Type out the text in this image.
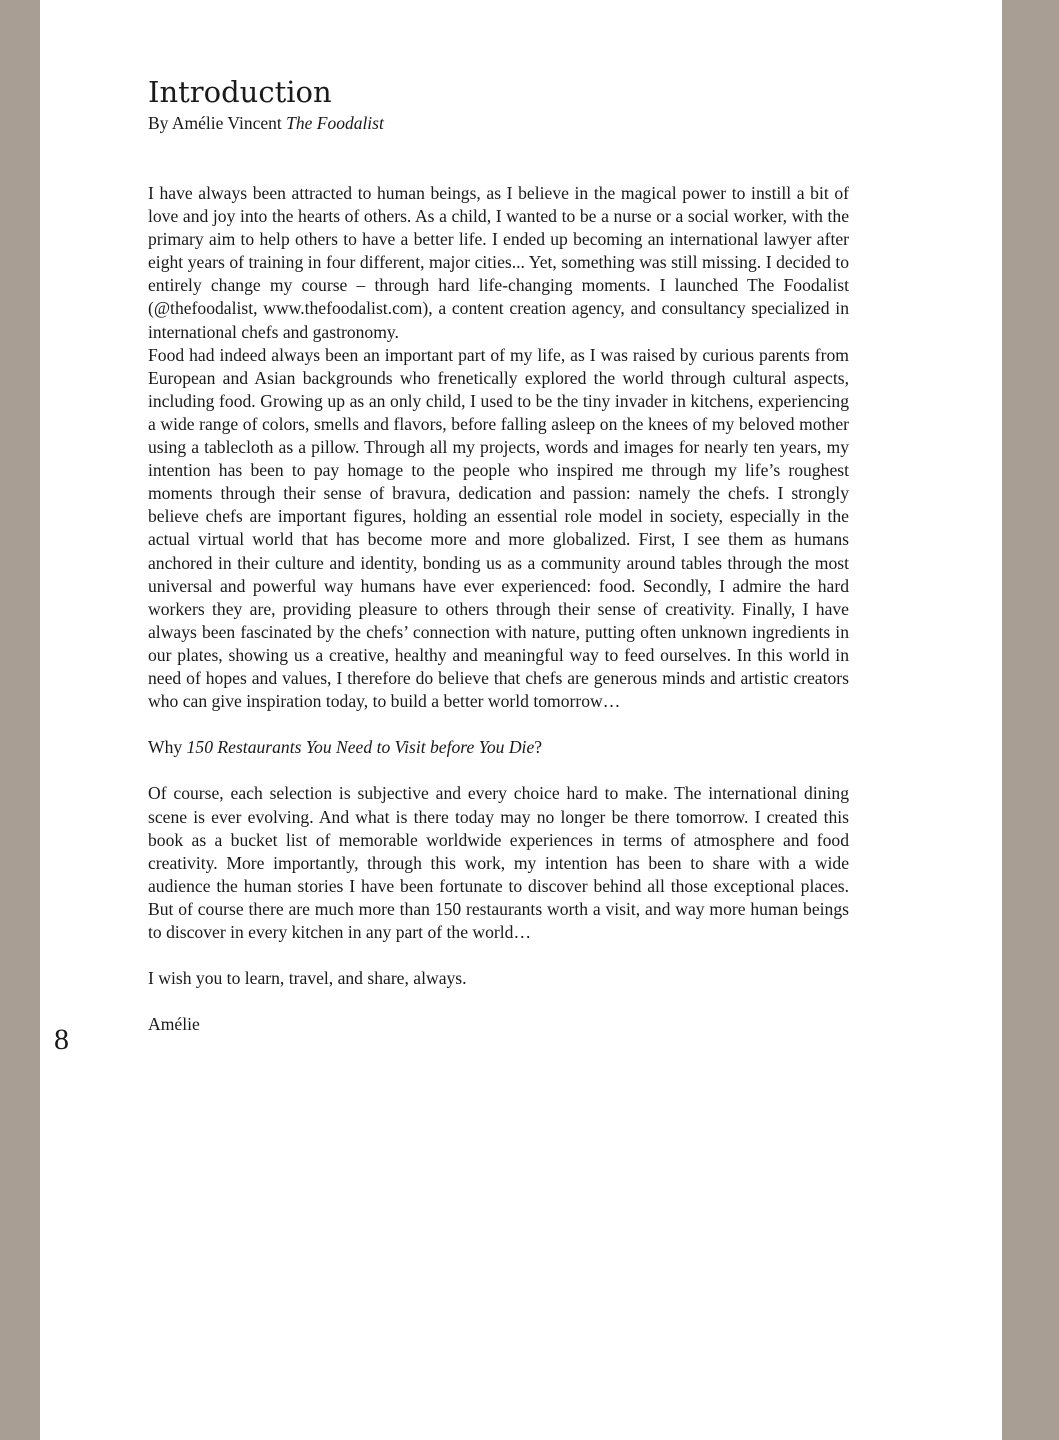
Introduction

By Amélie Vincent The Foodalist

I have always been attracted to human beings, as I believe in the magical power to instill a bit of love and joy into the hearts of others. As a child, I wanted to be a nurse or a social worker, with the primary aim to help others to have a better life. I ended up becoming an international lawyer after eight years of training in four different, major cities... Yet, something was still missing. I decided to entirely change my course – through hard life-changing moments. I launched The Foodalist (@thefoodalist, www.thefoodalist.com), a content creation agency, and consultancy specialized in international chefs and gastronomy.

Food had indeed always been an important part of my life, as I was raised by curious parents from European and Asian backgrounds who frenetically explored the world through cultural aspects, including food. Growing up as an only child, I used to be the tiny invader in kitchens, experiencing a wide range of colors, smells and flavors, before falling asleep on the knees of my beloved mother using a tablecloth as a pillow. Through all my projects, words and images for nearly ten years, my intention has been to pay homage to the people who inspired me through my life’s roughest moments through their sense of bravura, dedication and passion: namely the chefs. I strongly believe chefs are important figures, holding an essential role model in society, especially in the actual virtual world that has become more and more globalized. First, I see them as humans anchored in their culture and identity, bonding us as a community around tables through the most universal and powerful way humans have ever experienced: food. Secondly, I admire the hard workers they are, providing pleasure to others through their sense of creativity. Finally, I have always been fascinated by the chefs’ connection with nature, putting often unknown ingredients in our plates, showing us a creative, healthy and meaningful way to feed ourselves. In this world in need of hopes and values, I therefore do believe that chefs are generous minds and artistic creators who can give inspiration today, to build a better world tomorrow…

Why 150 Restaurants You Need to Visit before You Die?

Of course, each selection is subjective and every choice hard to make. The international dining scene is ever evolving. And what is there today may no longer be there tomorrow. I created this book as a bucket list of memorable worldwide experiences in terms of atmosphere and food creativity. More importantly, through this work, my intention has been to share with a wide audience the human stories I have been fortunate to discover behind all those exceptional places. But of course there are much more than 150 restaurants worth a visit, and way more human beings to discover in every kitchen in any part of the world…

I wish you to learn, travel, and share, always.

Amélie

8
